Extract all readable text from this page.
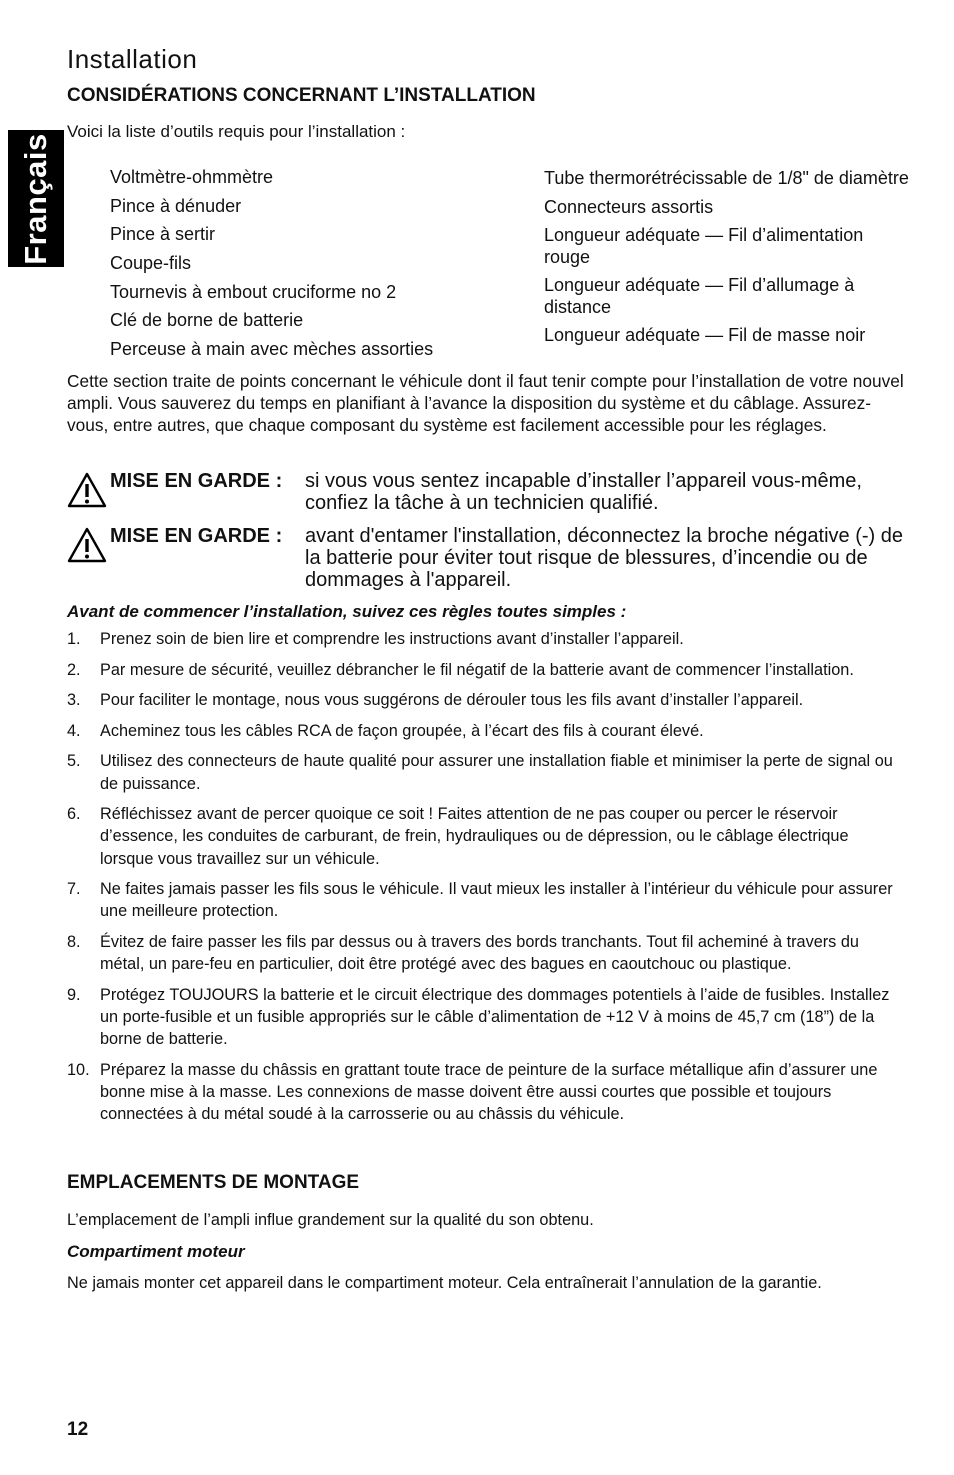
Français
Installation
CONSIDÉRATIONS CONCERNANT L’INSTALLATION

Voici la liste d’outils requis pour l’installation :

Voltmètre-ohmmètre
Pince à dénuder
Pince à sertir
Coupe-fils
Tournevis à embout cruciforme no 2
Clé de borne de batterie
Perceuse à main avec mèches assorties
Tube thermorétrécissable de 1/8" de diamètre
Connecteurs assortis
Longueur adéquate — Fil d’alimentation rouge
Longueur adéquate — Fil d’allumage à distance
Longueur adéquate — Fil de masse noir

Cette section traite de points concernant le véhicule dont il faut tenir compte pour l’installation de votre nouvel ampli. Vous sauverez du temps en planifiant à l’avance la disposition du système et du câblage. Assurez-vous, entre autres, que chaque composant du système est facilement accessible pour les réglages.

MISE EN GARDE : si vous vous sentez incapable d’installer l’appareil vous-même, confiez la tâche à un technicien qualifié.
MISE EN GARDE : avant d'entamer l'installation, déconnectez la broche négative (-) de la batterie pour éviter tout risque de blessures, d’incendie ou de dommages à l'appareil.

Avant de commencer l’installation, suivez ces règles toutes simples :

1. Prenez soin de bien lire et comprendre les instructions avant d’installer l’appareil.
2. Par mesure de sécurité, veuillez débrancher le fil négatif de la batterie avant de commencer l’installation.
3. Pour faciliter le montage, nous vous suggérons de dérouler tous les fils avant d’installer l’appareil.
4. Acheminez tous les câbles RCA de façon groupée, à l’écart des fils à courant élevé.
5. Utilisez des connecteurs de haute qualité pour assurer une installation fiable et minimiser la perte de signal ou de puissance.
6. Réfléchissez avant de percer quoique ce soit ! Faites attention de ne pas couper ou percer le réservoir d’essence, les conduites de carburant, de frein, hydrauliques ou de dépression, ou le câblage électrique lorsque vous travaillez sur un véhicule.
7. Ne faites jamais passer les fils sous le véhicule. Il vaut mieux les installer à l’intérieur du véhicule pour assurer une meilleure protection.
8. Évitez de faire passer les fils par dessus ou à travers des bords tranchants. Tout fil acheminé à travers du métal, un pare-feu en particulier, doit être protégé avec des bagues en caoutchouc ou plastique.
9. Protégez TOUJOURS la batterie et le circuit électrique des dommages potentiels à l’aide de fusibles. Installez un porte-fusible et un fusible appropriés sur le câble d’alimentation de +12 V à moins de 45,7 cm (18”) de la borne de batterie.
10. Préparez la masse du châssis en grattant toute trace de peinture de la surface métallique afin d’assurer une bonne mise à la masse. Les connexions de masse doivent être aussi courtes que possible et toujours connectées à du métal soudé à la carrosserie ou au châssis du véhicule.
EMPLACEMENTS DE MONTAGE

L’emplacement de l’ampli influe grandement sur la qualité du son obtenu.

Compartiment moteur

Ne jamais monter cet appareil dans le compartiment moteur. Cela entraînerait l’annulation de la garantie.

12
